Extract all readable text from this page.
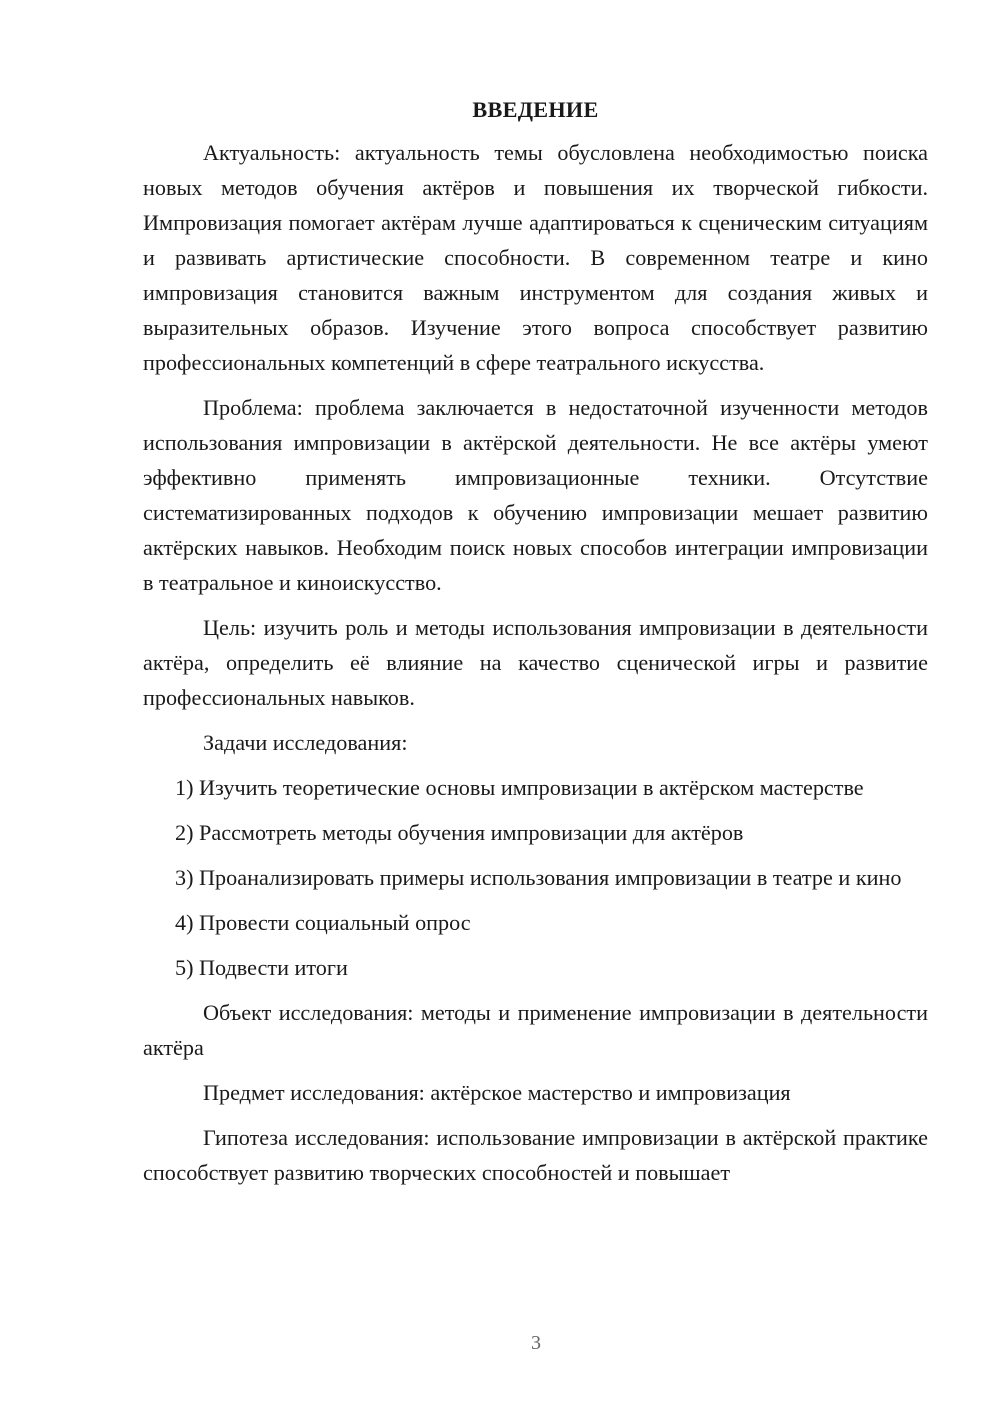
ВВЕДЕНИЕ

Актуальность: актуальность темы обусловлена необходимостью поиска новых методов обучения актёров и повышения их творческой гибкости. Импровизация помогает актёрам лучше адаптироваться к сценическим ситуациям и развивать артистические способности. В современном театре и кино импровизация становится важным инструментом для создания живых и выразительных образов. Изучение этого вопроса способствует развитию профессиональных компетенций в сфере театрального искусства.

Проблема: проблема заключается в недостаточной изученности методов использования импровизации в актёрской деятельности. Не все актёры умеют эффективно применять импровизационные техники. Отсутствие систематизированных подходов к обучению импровизации мешает развитию актёрских навыков. Необходим поиск новых способов интеграции импровизации в театральное и киноискусство.

Цель: изучить роль и методы использования импровизации в деятельности актёра, определить её влияние на качество сценической игры и развитие профессиональных навыков.

Задачи исследования:

1) Изучить теоретические основы импровизации в актёрском мастерстве

2) Рассмотреть методы обучения импровизации для актёров

3) Проанализировать примеры использования импровизации в театре и кино

4) Провести социальный опрос

5) Подвести итоги

Объект исследования: методы и применение импровизации в деятельности актёра

Предмет исследования: актёрское мастерство и импровизация

Гипотеза исследования: использование импровизации в актёрской практике способствует развитию творческих способностей и повышает

3
